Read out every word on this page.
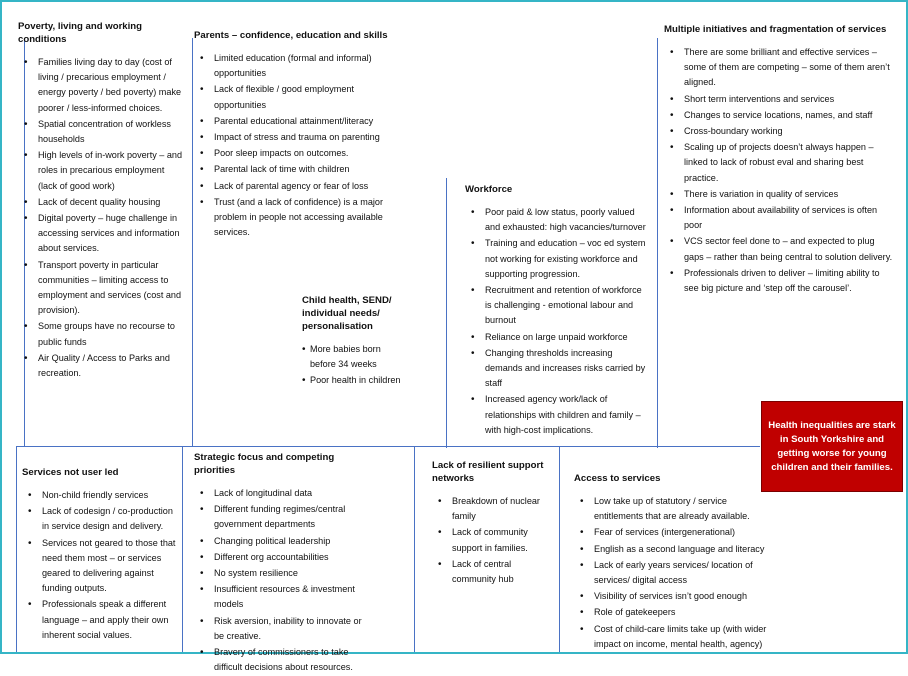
Poverty, living and working conditions
• Families living day to day (cost of living / precarious employment / energy poverty / bed poverty) make poorer / less-informed choices.
• Spatial concentration of workless households
• High levels of in-work poverty – and roles in precarious employment (lack of good work)
• Lack of decent quality housing
• Digital poverty – huge challenge in accessing services and information about services.
• Transport poverty in particular communities – limiting access to employment and services (cost and provision).
• Some groups have no recourse to public funds
• Air Quality / Access to Parks and recreation.
Parents – confidence, education and skills
• Limited education (formal and informal) opportunities
• Lack of flexible / good employment opportunities
• Parental educational attainment/literacy
• Impact of stress and trauma on parenting
• Poor sleep impacts on outcomes.
• Parental lack of time with children
• Lack of parental agency or fear of loss
• Trust (and a lack of confidence) is a major problem in people not accessing available services.
Child health, SEND/ individual needs/ personalisation
• More babies born before 34 weeks
• Poor health in children
Workforce
• Poor paid & low status, poorly valued and exhausted: high vacancies/turnover
• Training and education – voc ed system not working for existing workforce and supporting progression.
• Recruitment and retention of workforce is challenging - emotional labour and burnout
• Reliance on large unpaid workforce
• Changing thresholds increasing demands and increases risks carried by staff
• Increased agency work/lack of relationships with children and family – with high-cost implications.
Multiple initiatives and fragmentation of services
• There are some brilliant and effective services – some of them are competing – some of them aren’t aligned.
• Short term interventions and services
• Changes to service locations, names, and staff
• Cross-boundary working
• Scaling up of projects doesn’t always happen – linked to lack of robust eval and sharing best practice.
• There is variation in quality of services
• Information about availability of services is often poor
• VCS sector feel done to – and expected to plug gaps – rather than being central to solution delivery.
• Professionals driven to deliver – limiting ability to see big picture and ‘step off the carousel’.
Health inequalities are stark in South Yorkshire and getting worse for young children and their families.
Services not user led
• Non-child friendly services
• Lack of codesign / co-production in service design and delivery.
• Services not geared to those that need them most – or services geared to delivering against funding outputs.
• Professionals speak a different language – and apply their own inherent social values.
Strategic focus and competing priorities
• Lack of longitudinal data
• Different funding regimes/central government departments
• Changing political leadership
• Different org accountabilities
• No system resilience
• Insufficient resources & investment models
• Risk aversion, inability to innovate or be creative.
• Bravery of commissioners to take difficult decisions about resources.
Lack of resilient support networks
• Breakdown of nuclear family
• Lack of community support in families.
• Lack of central community hub
Access to services
• Low take up of statutory / service entitlements that are already available.
• Fear of services (intergenerational)
• English as a second language and literacy
• Lack of early years services/ location of services/ digital access
• Visibility of services isn’t good enough
• Role of gatekeepers
• Cost of child-care limits take up (with wider impact on income, mental health, agency)
